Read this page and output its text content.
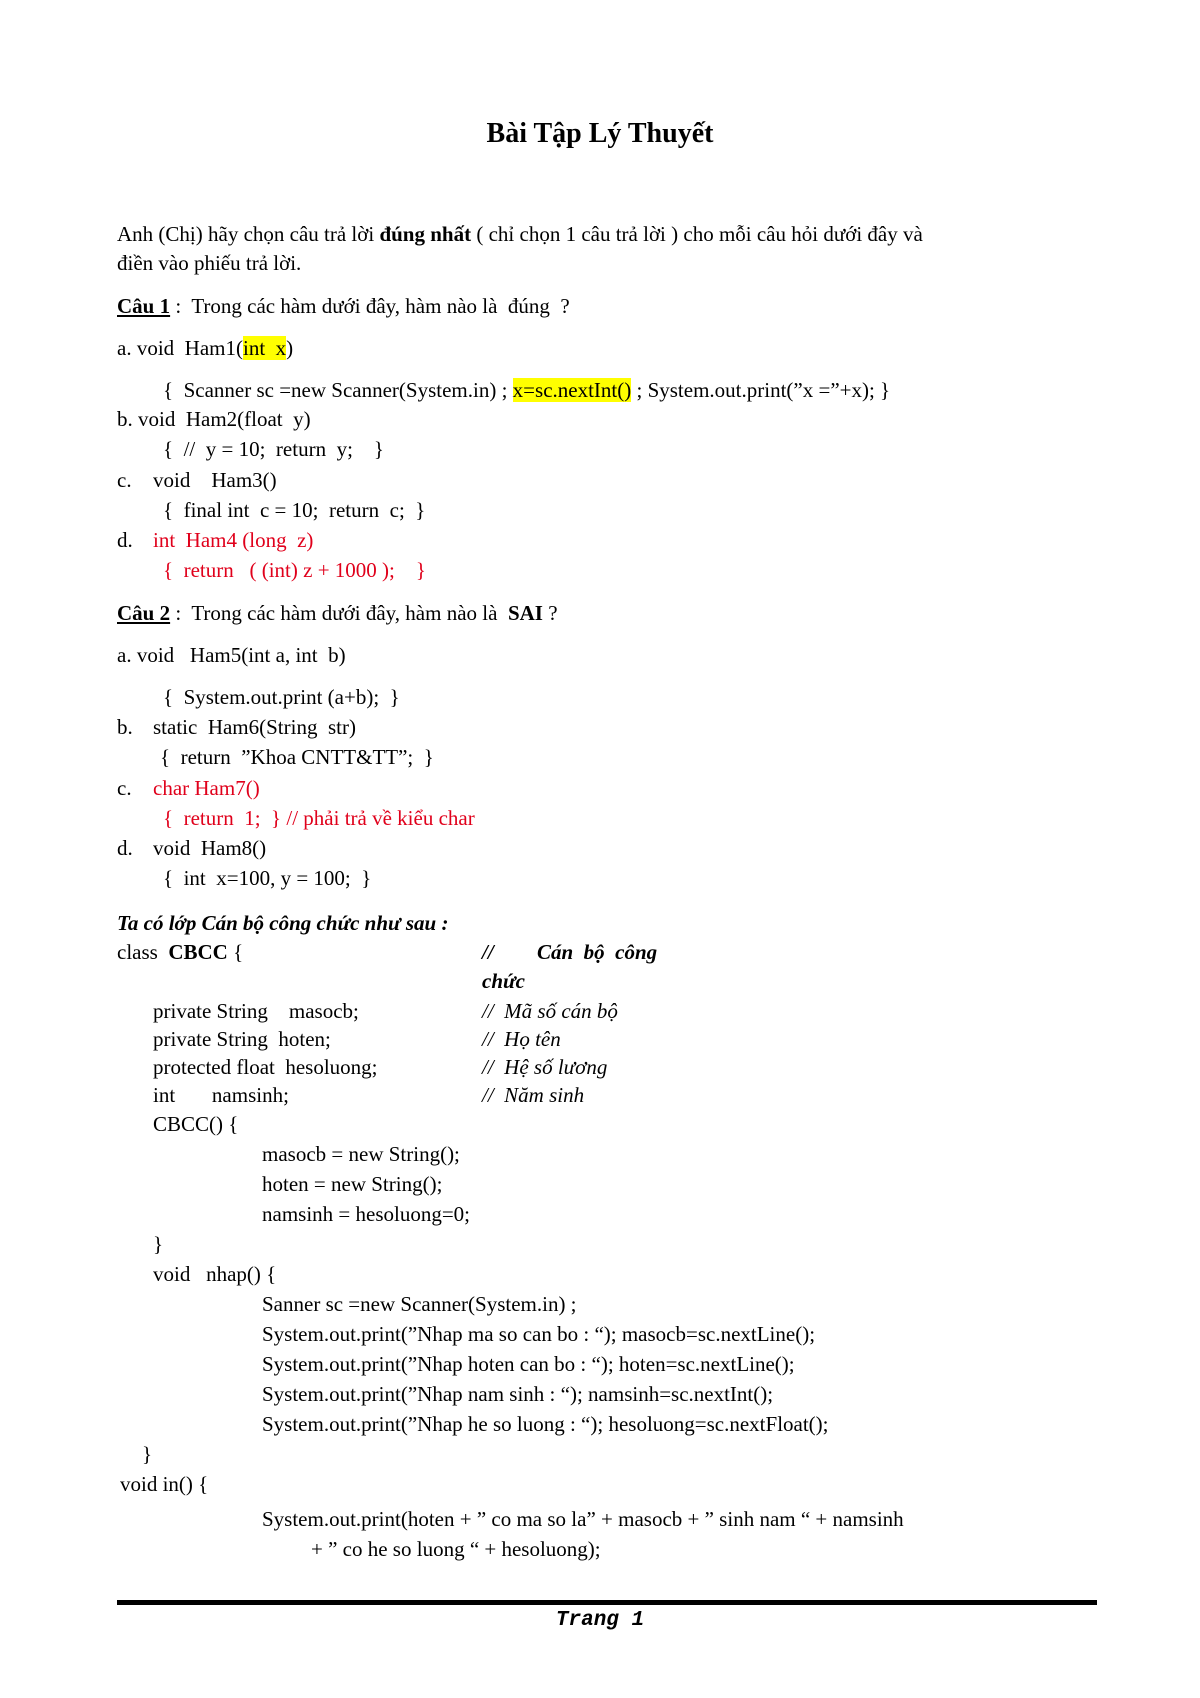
Bài Tập Lý Thuyết
Anh (Chị) hãy chọn câu trả lời đúng nhất ( chỉ chọn 1 câu trả lời ) cho mỗi câu hỏi dưới đây và
điền vào phiếu trả lời.
Câu 1 :  Trong các hàm dưới đây, hàm nào là  đúng  ?
a. void  Ham1(int  x)
{  Scanner sc =new Scanner(System.in) ; x=sc.nextInt() ; System.out.print(”x =”+x); }
b. void  Ham2(float  y)
{  //  y = 10;  return  y;    }
c. void    Ham3()
{  final int  c = 10;  return  c;  }
d. int  Ham4 (long  z)
{  return   ( (int) z + 1000 );    }
Câu 2 :  Trong các hàm dưới đây, hàm nào là  SAI ?
a. void   Ham5(int a, int  b)
{  System.out.print (a+b);  }
b. static  Ham6(String  str)
{  return  ”Khoa CNTT&TT”;  }
c. char Ham7()
{  return  1;  } // phải trả về kiểu char
d. void  Ham8()
{  int  x=100, y = 100;  }
Ta có lớp Cán bộ công chức như sau :
class  CBCC {	// Cán  bộ  công
chức
private String    masocb;	//  Mã số cán bộ
private String  hoten;	//  Họ tên
protected float  hesoluong;	//  Hệ số lương
int       namsinh;	//  Năm sinh
CBCC() {
masocb = new String();
hoten = new String();
namsinh = hesoluong=0;
}
void   nhap() {
Sanner sc =new Scanner(System.in) ;
System.out.print(”Nhap ma so can bo : “); masocb=sc.nextLine();
System.out.print(”Nhap hoten can bo : “); hoten=sc.nextLine();
System.out.print(”Nhap nam sinh : “); namsinh=sc.nextInt();
System.out.print(”Nhap he so luong : “); hesoluong=sc.nextFloat();
}
void in() {
System.out.print(hoten + ” co ma so la” + masocb + ” sinh nam “ + namsinh
+ ” co he so luong “ + hesoluong);
Trang 1
